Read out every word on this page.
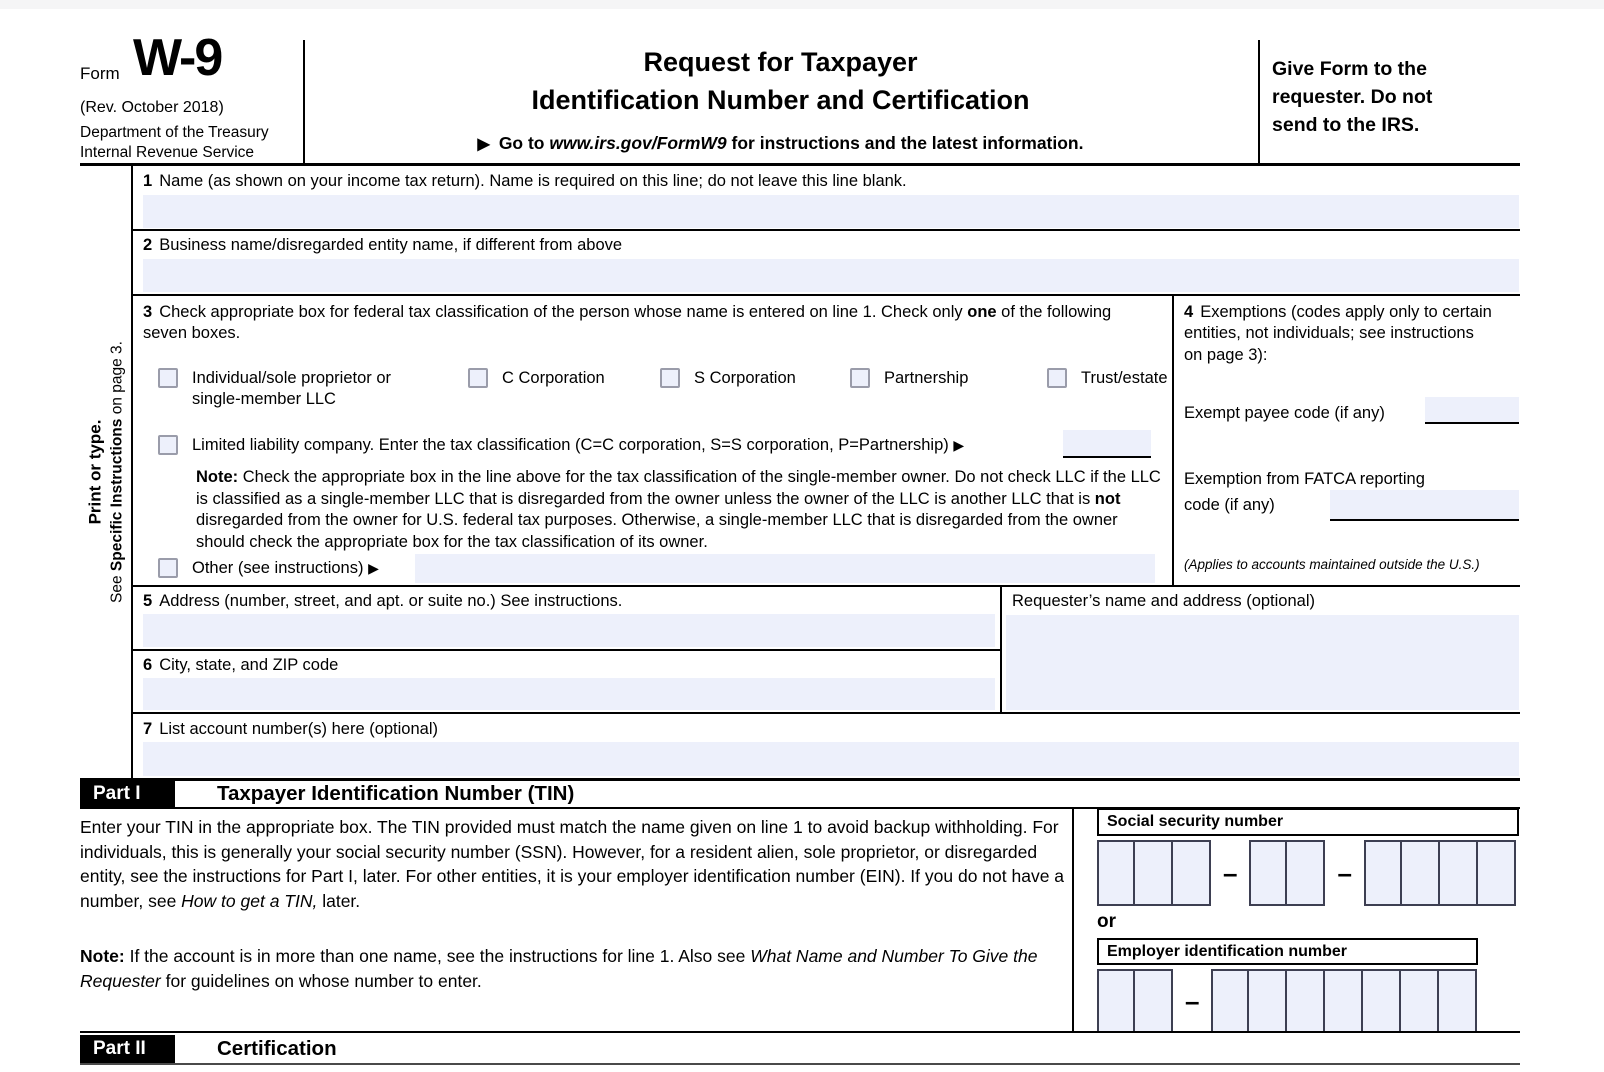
Form W-9
(Rev. October 2018)
Department of the Treasury
Internal Revenue Service
Request for Taxpayer
Identification Number and Certification
▶ Go to www.irs.gov/FormW9 for instructions and the latest information.
Give Form to the requester. Do not send to the IRS.
Print or type.
See Specific Instructions on page 3.

1 Name (as shown on your income tax return). Name is required on this line; do not leave this line blank.

2 Business name/disregarded entity name, if different from above

3 Check appropriate box for federal tax classification of the person whose name is entered on line 1. Check only one of the following seven boxes.

Individual/sole proprietor or single-member LLC
C Corporation	S Corporation	Partnership	Trust/estate
Limited liability company. Enter the tax classification (C=C corporation, S=S corporation, P=Partnership) ▶

Note: Check the appropriate box in the line above for the tax classification of the single-member owner. Do not check LLC if the LLC is classified as a single-member LLC that is disregarded from the owner unless the owner of the LLC is another LLC that is not disregarded from the owner for U.S. federal tax purposes. Otherwise, a single-member LLC that is disregarded from the owner should check the appropriate box for the tax classification of its owner.

Other (see instructions) ▶

4 Exemptions (codes apply only to certain entities, not individuals; see instructions on page 3):

Exempt payee code (if any)

Exemption from FATCA reporting

code (if any)

(Applies to accounts maintained outside the U.S.)

5 Address (number, street, and apt. or suite no.) See instructions.

6 City, state, and ZIP code

Requester’s name and address (optional)

7 List account number(s) here (optional)

Part I	Taxpayer Identification Number (TIN)

Enter your TIN in the appropriate box. The TIN provided must match the name given on line 1 to avoid backup withholding. For individuals, this is generally your social security number (SSN). However, for a resident alien, sole proprietor, or disregarded entity, see the instructions for Part I, later. For other entities, it is your employer identification number (EIN). If you do not have a number, see How to get a TIN, later.

Note: If the account is in more than one name, see the instructions for line 1. Also see What Name and Number To Give the Requester for guidelines on whose number to enter.

Social security number
–	–
or
Employer identification number
–
Part II	Certification
